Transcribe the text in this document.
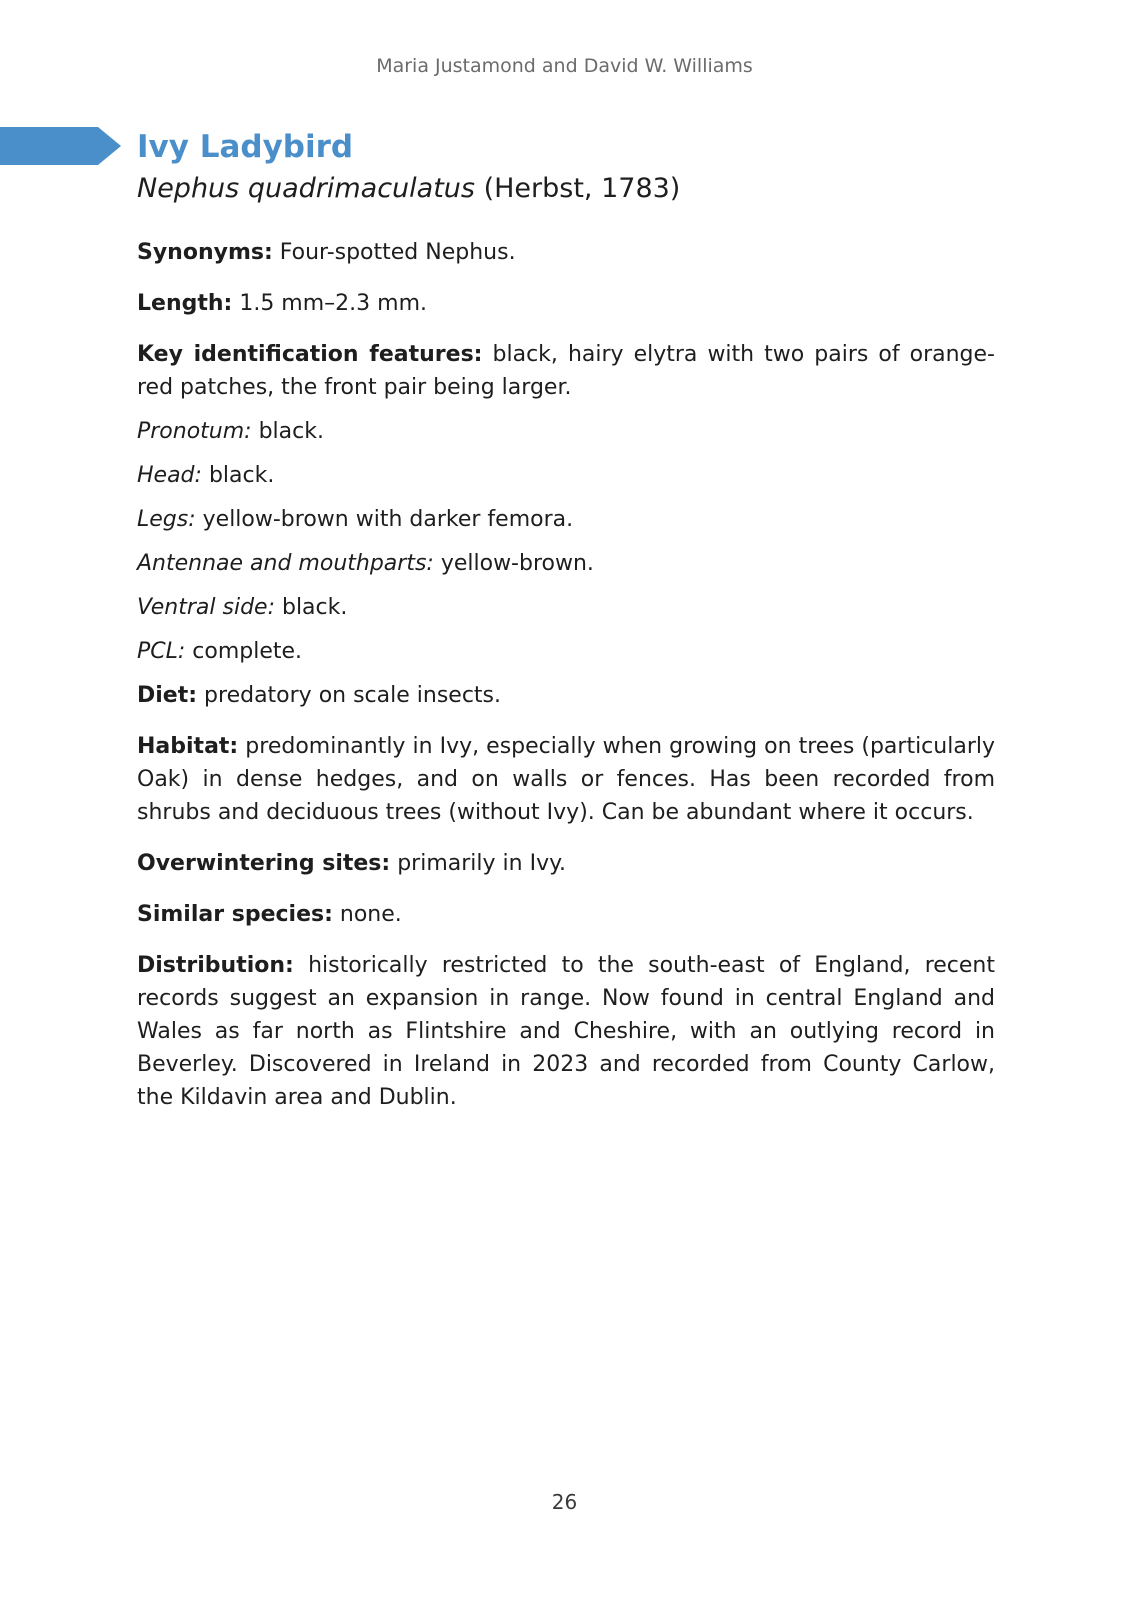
Maria Justamond and David W. Williams
Ivy Ladybird

Nephus quadrimaculatus (Herbst, 1783)

Synonyms: Four-spotted Nephus.

Length: 1.5 mm–2.3 mm.

Key identification features: black, hairy elytra with two pairs of orange-red patches, the front pair being larger.

Pronotum: black.

Head: black.

Legs: yellow-brown with darker femora.

Antennae and mouthparts: yellow-brown.

Ventral side: black.

PCL: complete.

Diet: predatory on scale insects.

Habitat: predominantly in Ivy, especially when growing on trees (particularly Oak) in dense hedges, and on walls or fences. Has been recorded from shrubs and deciduous trees (without Ivy). Can be abundant where it occurs.

Overwintering sites: primarily in Ivy.

Similar species: none.

Distribution: historically restricted to the south-east of England, recent records suggest an expansion in range. Now found in central England and Wales as far north as Flintshire and Cheshire, with an outlying record in Beverley. Discovered in Ireland in 2023 and recorded from County Carlow, the Kildavin area and Dublin.

26
